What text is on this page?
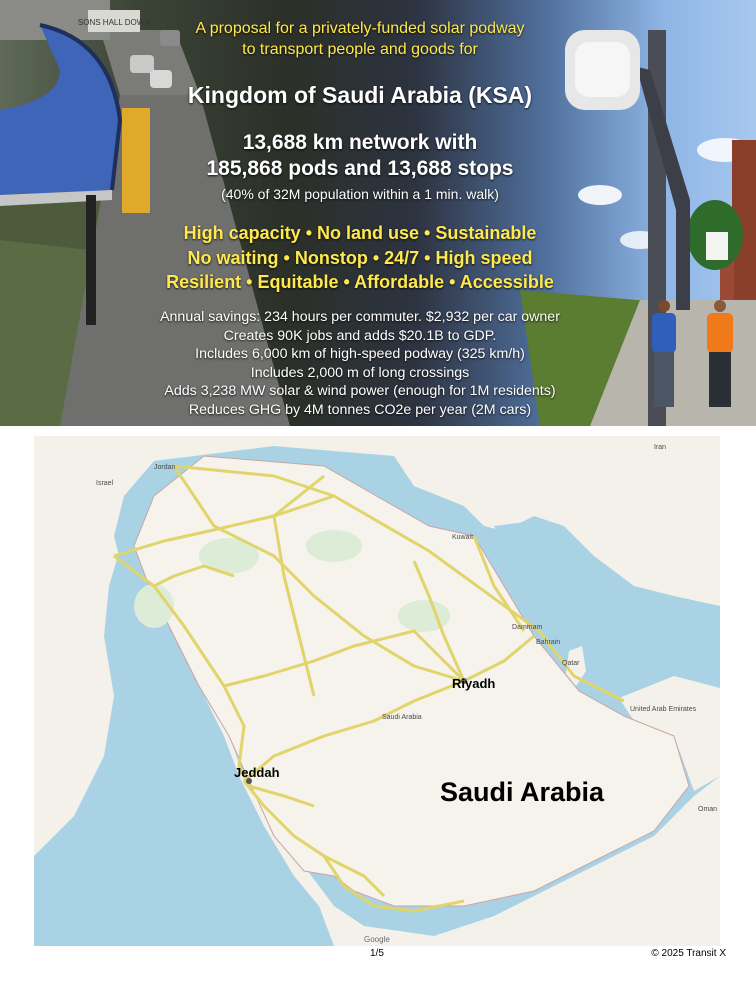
SONS HALL DOWN	A proposal for a privately-funded solar podway
to transport people and goods for
Kingdom of Saudi Arabia (KSA)
13,688 km network with
185,868 pods and 13,688 stops
(40% of 32M population within a 1 min. walk)
High capacity • No land use • Sustainable
No waiting • Nonstop • 24/7 • High speed
Resilient • Equitable • Affordable • Accessible
Annual savings: 234 hours per commuter. $2,932 per car owner
Creates 90K jobs and adds $20.1B to GDP.
Includes 6,000 km of high-speed podway (325 km/h)
Includes 2,000 m of long crossings
Adds 3,238 MW solar & wind power (enough for 1M residents)
Reduces GHG by 4M tonnes CO2e per year (2M cars)
Saudi Arabia
Jeddah
Riyadh
Jordan
Israel
Iran
Kuwait
Bahrain
Qatar
United Arab Emirates
Oman
Dammam
Saudi Arabia
Google
1/5	© 2025 Transit X
